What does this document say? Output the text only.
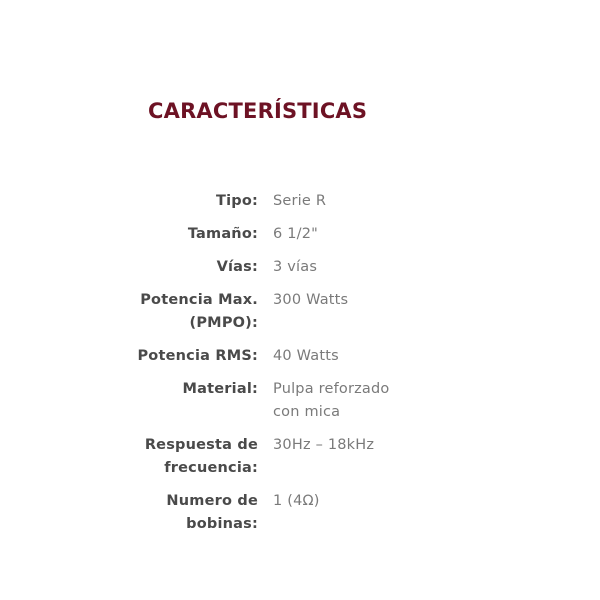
CARACTERÍSTICAS
Tipo: Serie R
Tamaño: 6 1/2"
Vías: 3 vías
Potencia Max. (PMPO):
300 Watts
Potencia RMS: 40 Watts
Material: Pulpa reforzado con mica
Respuesta de frecuencia:
30Hz – 18kHz
Numero de bobinas:
1 (4Ω)
